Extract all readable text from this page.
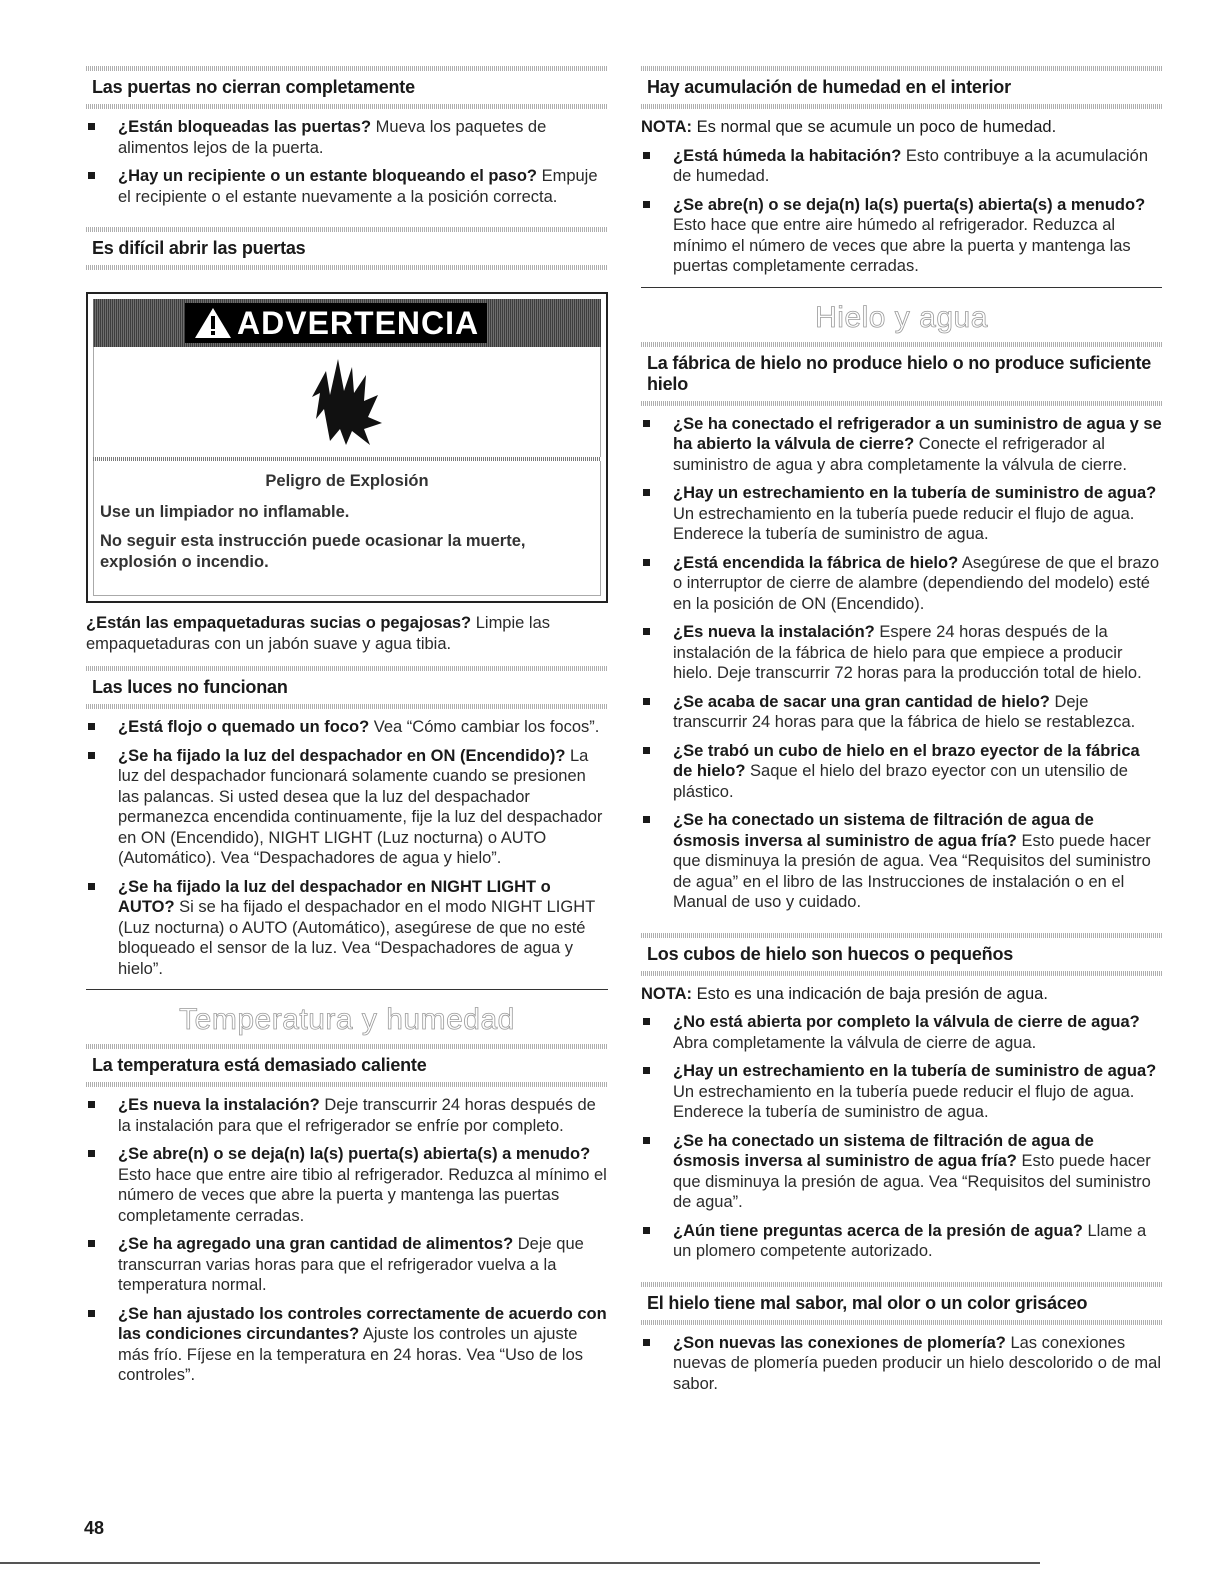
Las puertas no cierran completamente
¿Están bloqueadas las puertas? Mueva los paquetes de alimentos lejos de la puerta.
¿Hay un recipiente o un estante bloqueando el paso? Empuje el recipiente o el estante nuevamente a la posición correcta.
Es difícil abrir las puertas
ADVERTENCIA
Peligro de Explosión

Use un limpiador no inflamable.

No seguir esta instrucción puede ocasionar la muerte, explosión o incendio.

¿Están las empaquetaduras sucias o pegajosas? Limpie las empaquetaduras con un jabón suave y agua tibia.

Las luces no funcionan
¿Está flojo o quemado un foco? Vea “Cómo cambiar los focos”.
¿Se ha fijado la luz del despachador en ON (Encendido)? La luz del despachador funcionará solamente cuando se presionen las palancas. Si usted desea que la luz del despachador permanezca encendida continuamente, fije la luz del despachador en ON (Encendido), NIGHT LIGHT (Luz nocturna) o AUTO (Automático). Vea “Despachadores de agua y hielo”.
¿Se ha fijado la luz del despachador en NIGHT LIGHT o AUTO? Si se ha fijado el despachador en el modo NIGHT LIGHT (Luz nocturna) o AUTO (Automático), asegúrese de que no esté bloqueado el sensor de la luz. Vea “Despachadores de agua y hielo”.
Temperatura y humedad
La temperatura está demasiado caliente
¿Es nueva la instalación? Deje transcurrir 24 horas después de la instalación para que el refrigerador se enfríe por completo.
¿Se abre(n) o se deja(n) la(s) puerta(s) abierta(s) a menudo? Esto hace que entre aire tibio al refrigerador. Reduzca al mínimo el número de veces que abre la puerta y mantenga las puertas completamente cerradas.
¿Se ha agregado una gran cantidad de alimentos? Deje que transcurran varias horas para que el refrigerador vuelva a la temperatura normal.
¿Se han ajustado los controles correctamente de acuerdo con las condiciones circundantes? Ajuste los controles un ajuste más frío. Fíjese en la temperatura en 24 horas. Vea “Uso de los controles”.
Hay acumulación de humedad en el interior

NOTA: Es normal que se acumule un poco de humedad.

¿Está húmeda la habitación? Esto contribuye a la acumulación de humedad.
¿Se abre(n) o se deja(n) la(s) puerta(s) abierta(s) a menudo? Esto hace que entre aire húmedo al refrigerador. Reduzca al mínimo el número de veces que abre la puerta y mantenga las puertas completamente cerradas.
Hielo y agua
La fábrica de hielo no produce hielo o no produce suficiente hielo
¿Se ha conectado el refrigerador a un suministro de agua y se ha abierto la válvula de cierre? Conecte el refrigerador al suministro de agua y abra completamente la válvula de cierre.
¿Hay un estrechamiento en la tubería de suministro de agua? Un estrechamiento en la tubería puede reducir el flujo de agua. Enderece la tubería de suministro de agua.
¿Está encendida la fábrica de hielo? Asegúrese de que el brazo o interruptor de cierre de alambre (dependiendo del modelo) esté en la posición de ON (Encendido).
¿Es nueva la instalación? Espere 24 horas después de la instalación de la fábrica de hielo para que empiece a producir hielo. Deje transcurrir 72 horas para la producción total de hielo.
¿Se acaba de sacar una gran cantidad de hielo? Deje transcurrir 24 horas para que la fábrica de hielo se restablezca.
¿Se trabó un cubo de hielo en el brazo eyector de la fábrica de hielo? Saque el hielo del brazo eyector con un utensilio de plástico.
¿Se ha conectado un sistema de filtración de agua de ósmosis inversa al suministro de agua fría? Esto puede hacer que disminuya la presión de agua. Vea “Requisitos del suministro de agua” en el libro de las Instrucciones de instalación o en el Manual de uso y cuidado.
Los cubos de hielo son huecos o pequeños

NOTA: Esto es una indicación de baja presión de agua.

¿No está abierta por completo la válvula de cierre de agua? Abra completamente la válvula de cierre de agua.
¿Hay un estrechamiento en la tubería de suministro de agua? Un estrechamiento en la tubería puede reducir el flujo de agua. Enderece la tubería de suministro de agua.
¿Se ha conectado un sistema de filtración de agua de ósmosis inversa al suministro de agua fría? Esto puede hacer que disminuya la presión de agua. Vea “Requisitos del suministro de agua”.
¿Aún tiene preguntas acerca de la presión de agua? Llame a un plomero competente autorizado.
El hielo tiene mal sabor, mal olor o un color grisáceo
¿Son nuevas las conexiones de plomería? Las conexiones nuevas de plomería pueden producir un hielo descolorido o de mal sabor.
48
